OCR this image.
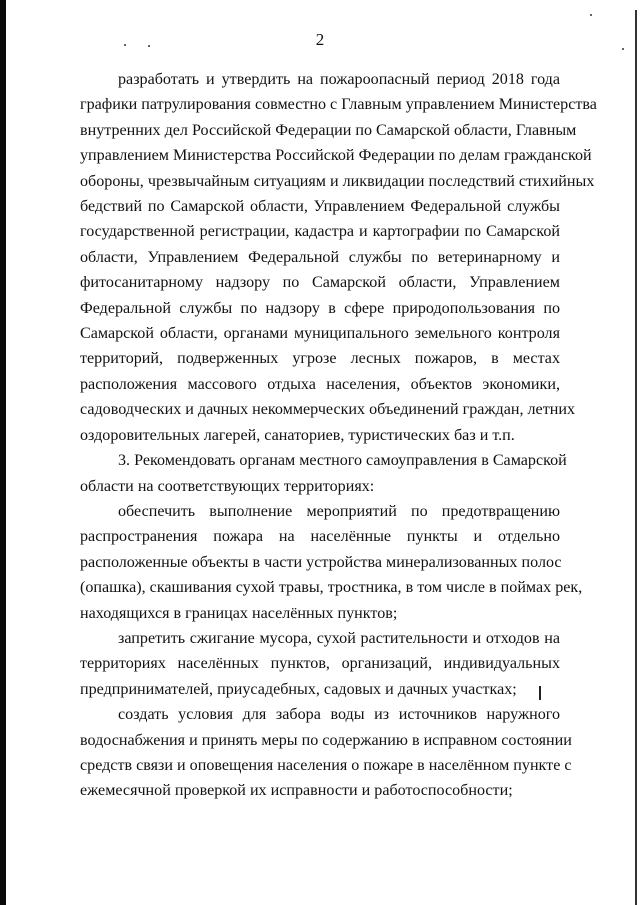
2
разработать и утвердить на пожароопасный период 2018 года
графики патрулирования совместно с Главным управлением Министерства
внутренних дел Российской Федерации по Самарской области, Главным
управлением Министерства Российской Федерации по делам гражданской
обороны, чрезвычайным ситуациям и ликвидации последствий стихийных
бедствий по Самарской области, Управлением Федеральной службы
государственной регистрации, кадастра и картографии по Самарской
области, Управлением Федеральной службы по ветеринарному и
фитосанитарному надзору по Самарской области, Управлением
Федеральной службы по надзору в сфере природопользования по
Самарской области, органами муниципального земельного контроля
территорий, подверженных угрозе лесных пожаров, в местах
расположения массового отдыха населения, объектов экономики,
садоводческих и дачных некоммерческих объединений граждан, летних
оздоровительных лагерей, санаториев, туристических баз и т.п.
3. Рекомендовать органам местного самоуправления в Самарской
области на соответствующих территориях:
обеспечить выполнение мероприятий по предотвращению
распространения пожара на населённые пункты и отдельно
расположенные объекты в части устройства минерализованных полос
(опашка), скашивания сухой травы, тростника, в том числе в поймах рек,
находящихся в границах населённых пунктов;
запретить сжигание мусора, сухой растительности и отходов на
территориях населённых пунктов, организаций, индивидуальных
предпринимателей, приусадебных, садовых и дачных участках;
создать условия для забора воды из источников наружного
водоснабжения и принять меры по содержанию в исправном состоянии
средств связи и оповещения населения о пожаре в населённом пункте с
ежемесячной проверкой их исправности и работоспособности;
